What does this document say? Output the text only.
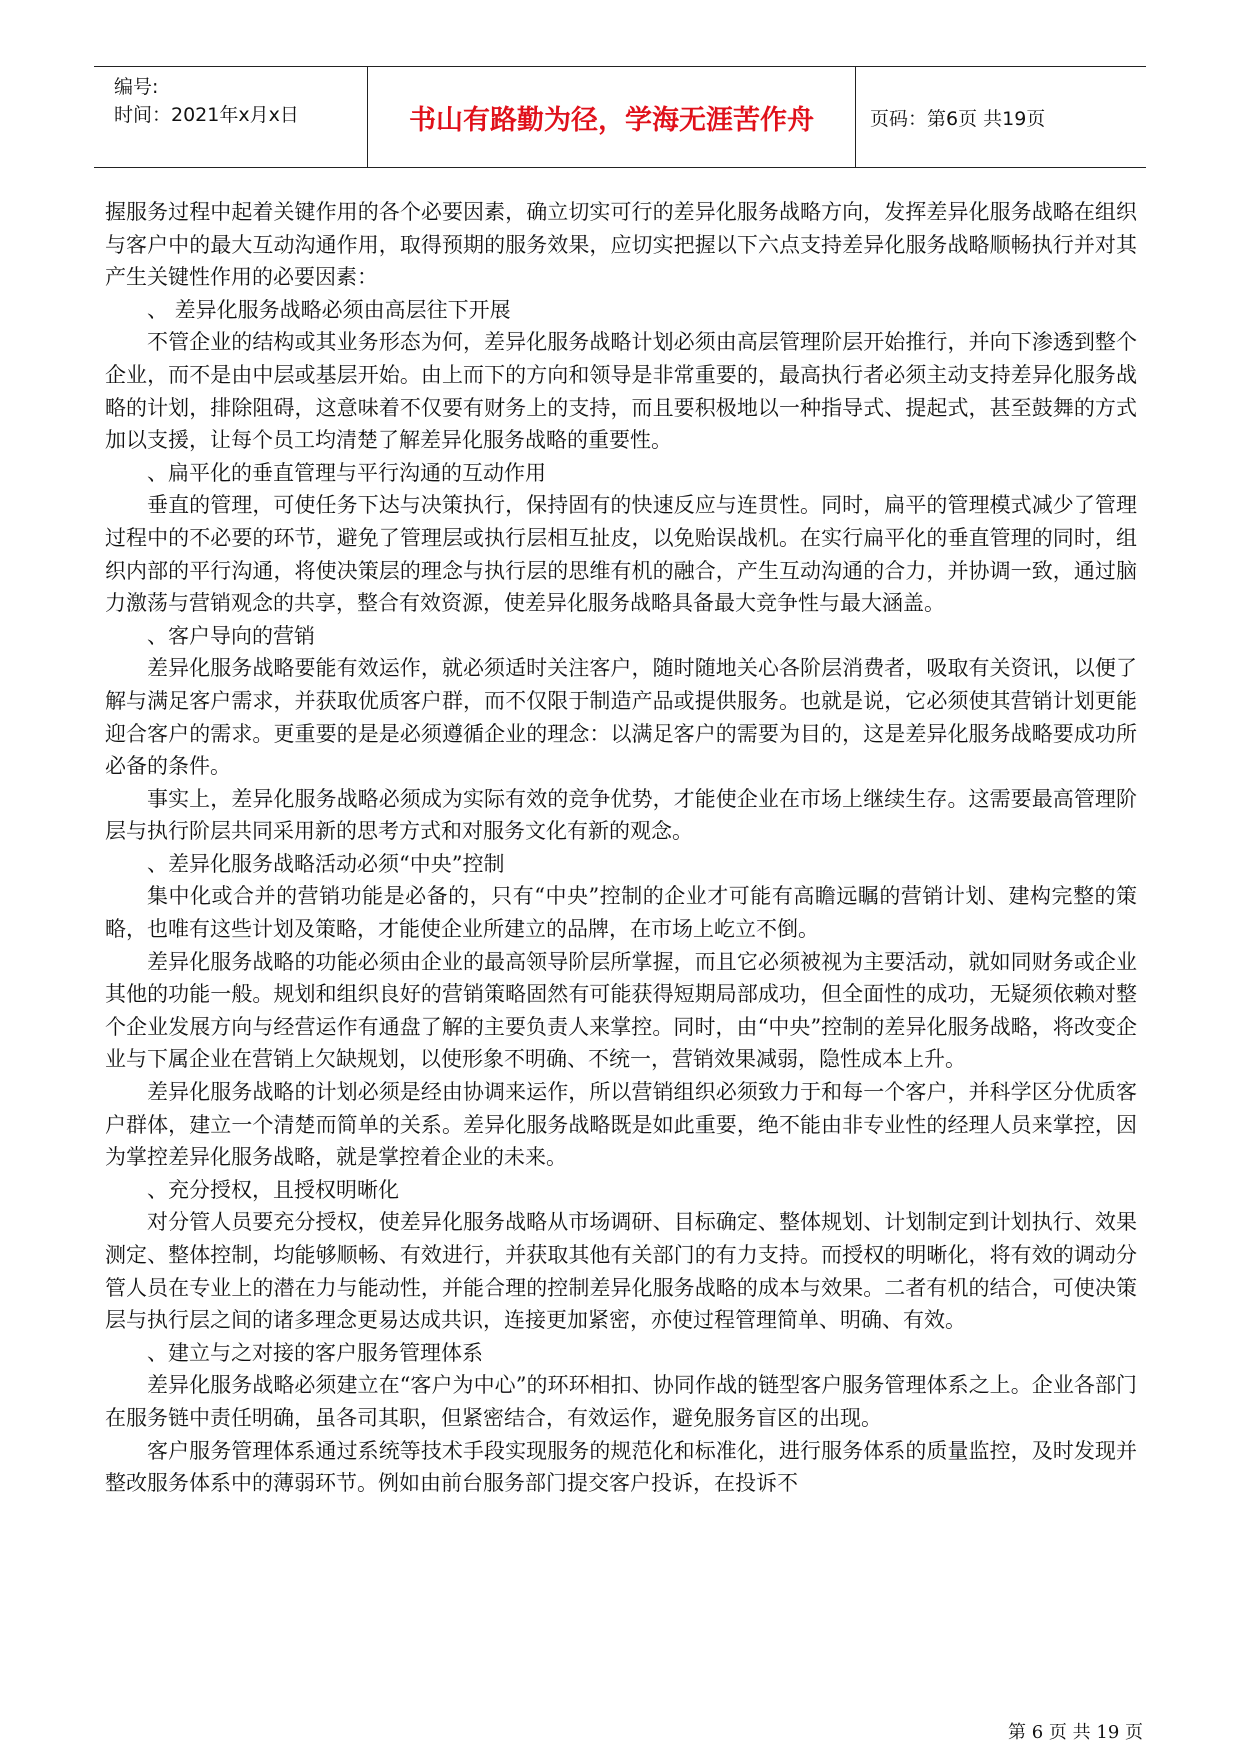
编号:
时间：2021年x月x日	书山有路勤为径，学海无涯苦作舟	页码：第6页 共19页

握服务过程中起着关键作用的各个必要因素，确立切实可行的差异化服务战略方向，发挥差异化服务战略在组织与客户中的最大互动沟通作用，取得预期的服务效果，应切实把握以下六点支持差异化服务战略顺畅执行并对其产生关键性作用的必要因素：

、 差异化服务战略必须由高层往下开展

不管企业的结构或其业务形态为何，差异化服务战略计划必须由高层管理阶层开始推行，并向下渗透到整个企业，而不是由中层或基层开始。由上而下的方向和领导是非常重要的，最高执行者必须主动支持差异化服务战略的计划，排除阻碍，这意味着不仅要有财务上的支持，而且要积极地以一种指导式、提起式，甚至鼓舞的方式加以支援，让每个员工均清楚了解差异化服务战略的重要性。

、扁平化的垂直管理与平行沟通的互动作用

垂直的管理，可使任务下达与决策执行，保持固有的快速反应与连贯性。同时，扁平的管理模式减少了管理过程中的不必要的环节，避免了管理层或执行层相互扯皮，以免贻误战机。在实行扁平化的垂直管理的同时，组织内部的平行沟通，将使决策层的理念与执行层的思维有机的融合，产生互动沟通的合力，并协调一致，通过脑力激荡与营销观念的共享，整合有效资源，使差异化服务战略具备最大竞争性与最大涵盖。

、客户导向的营销

差异化服务战略要能有效运作，就必须适时关注客户，随时随地关心各阶层消费者，吸取有关资讯，以便了解与满足客户需求，并获取优质客户群，而不仅限于制造产品或提供服务。也就是说，它必须使其营销计划更能迎合客户的需求。更重要的是是必须遵循企业的理念：以满足客户的需要为目的，这是差异化服务战略要成功所必备的条件。

事实上，差异化服务战略必须成为实际有效的竞争优势，才能使企业在市场上继续生存。这需要最高管理阶层与执行阶层共同采用新的思考方式和对服务文化有新的观念。

、差异化服务战略活动必须“中央”控制

集中化或合并的营销功能是必备的，只有“中央”控制的企业才可能有高瞻远瞩的营销计划、建构完整的策略，也唯有这些计划及策略，才能使企业所建立的品牌，在市场上屹立不倒。

差异化服务战略的功能必须由企业的最高领导阶层所掌握，而且它必须被视为主要活动，就如同财务或企业其他的功能一般。规划和组织良好的营销策略固然有可能获得短期局部成功，但全面性的成功，无疑须依赖对整个企业发展方向与经营运作有通盘了解的主要负责人来掌控。同时，由“中央”控制的差异化服务战略，将改变企业与下属企业在营销上欠缺规划，以使形象不明确、不统一，营销效果减弱，隐性成本上升。

差异化服务战略的计划必须是经由协调来运作，所以营销组织必须致力于和每一个客户，并科学区分优质客户群体，建立一个清楚而简单的关系。差异化服务战略既是如此重要，绝不能由非专业性的经理人员来掌控，因为掌控差异化服务战略，就是掌控着企业的未来。

、充分授权，且授权明晰化

对分管人员要充分授权，使差异化服务战略从市场调研、目标确定、整体规划、计划制定到计划执行、效果测定、整体控制，均能够顺畅、有效进行，并获取其他有关部门的有力支持。而授权的明晰化，将有效的调动分管人员在专业上的潜在力与能动性，并能合理的控制差异化服务战略的成本与效果。二者有机的结合，可使决策层与执行层之间的诸多理念更易达成共识，连接更加紧密，亦使过程管理简单、明确、有效。

、建立与之对接的客户服务管理体系

差异化服务战略必须建立在“客户为中心”的环环相扣、协同作战的链型客户服务管理体系之上。企业各部门在服务链中责任明确，虽各司其职，但紧密结合，有效运作，避免服务盲区的出现。

客户服务管理体系通过系统等技术手段实现服务的规范化和标准化，进行服务体系的质量监控，及时发现并整改服务体系中的薄弱环节。例如由前台服务部门提交客户投诉，在投诉不

第 6 页 共 19 页
